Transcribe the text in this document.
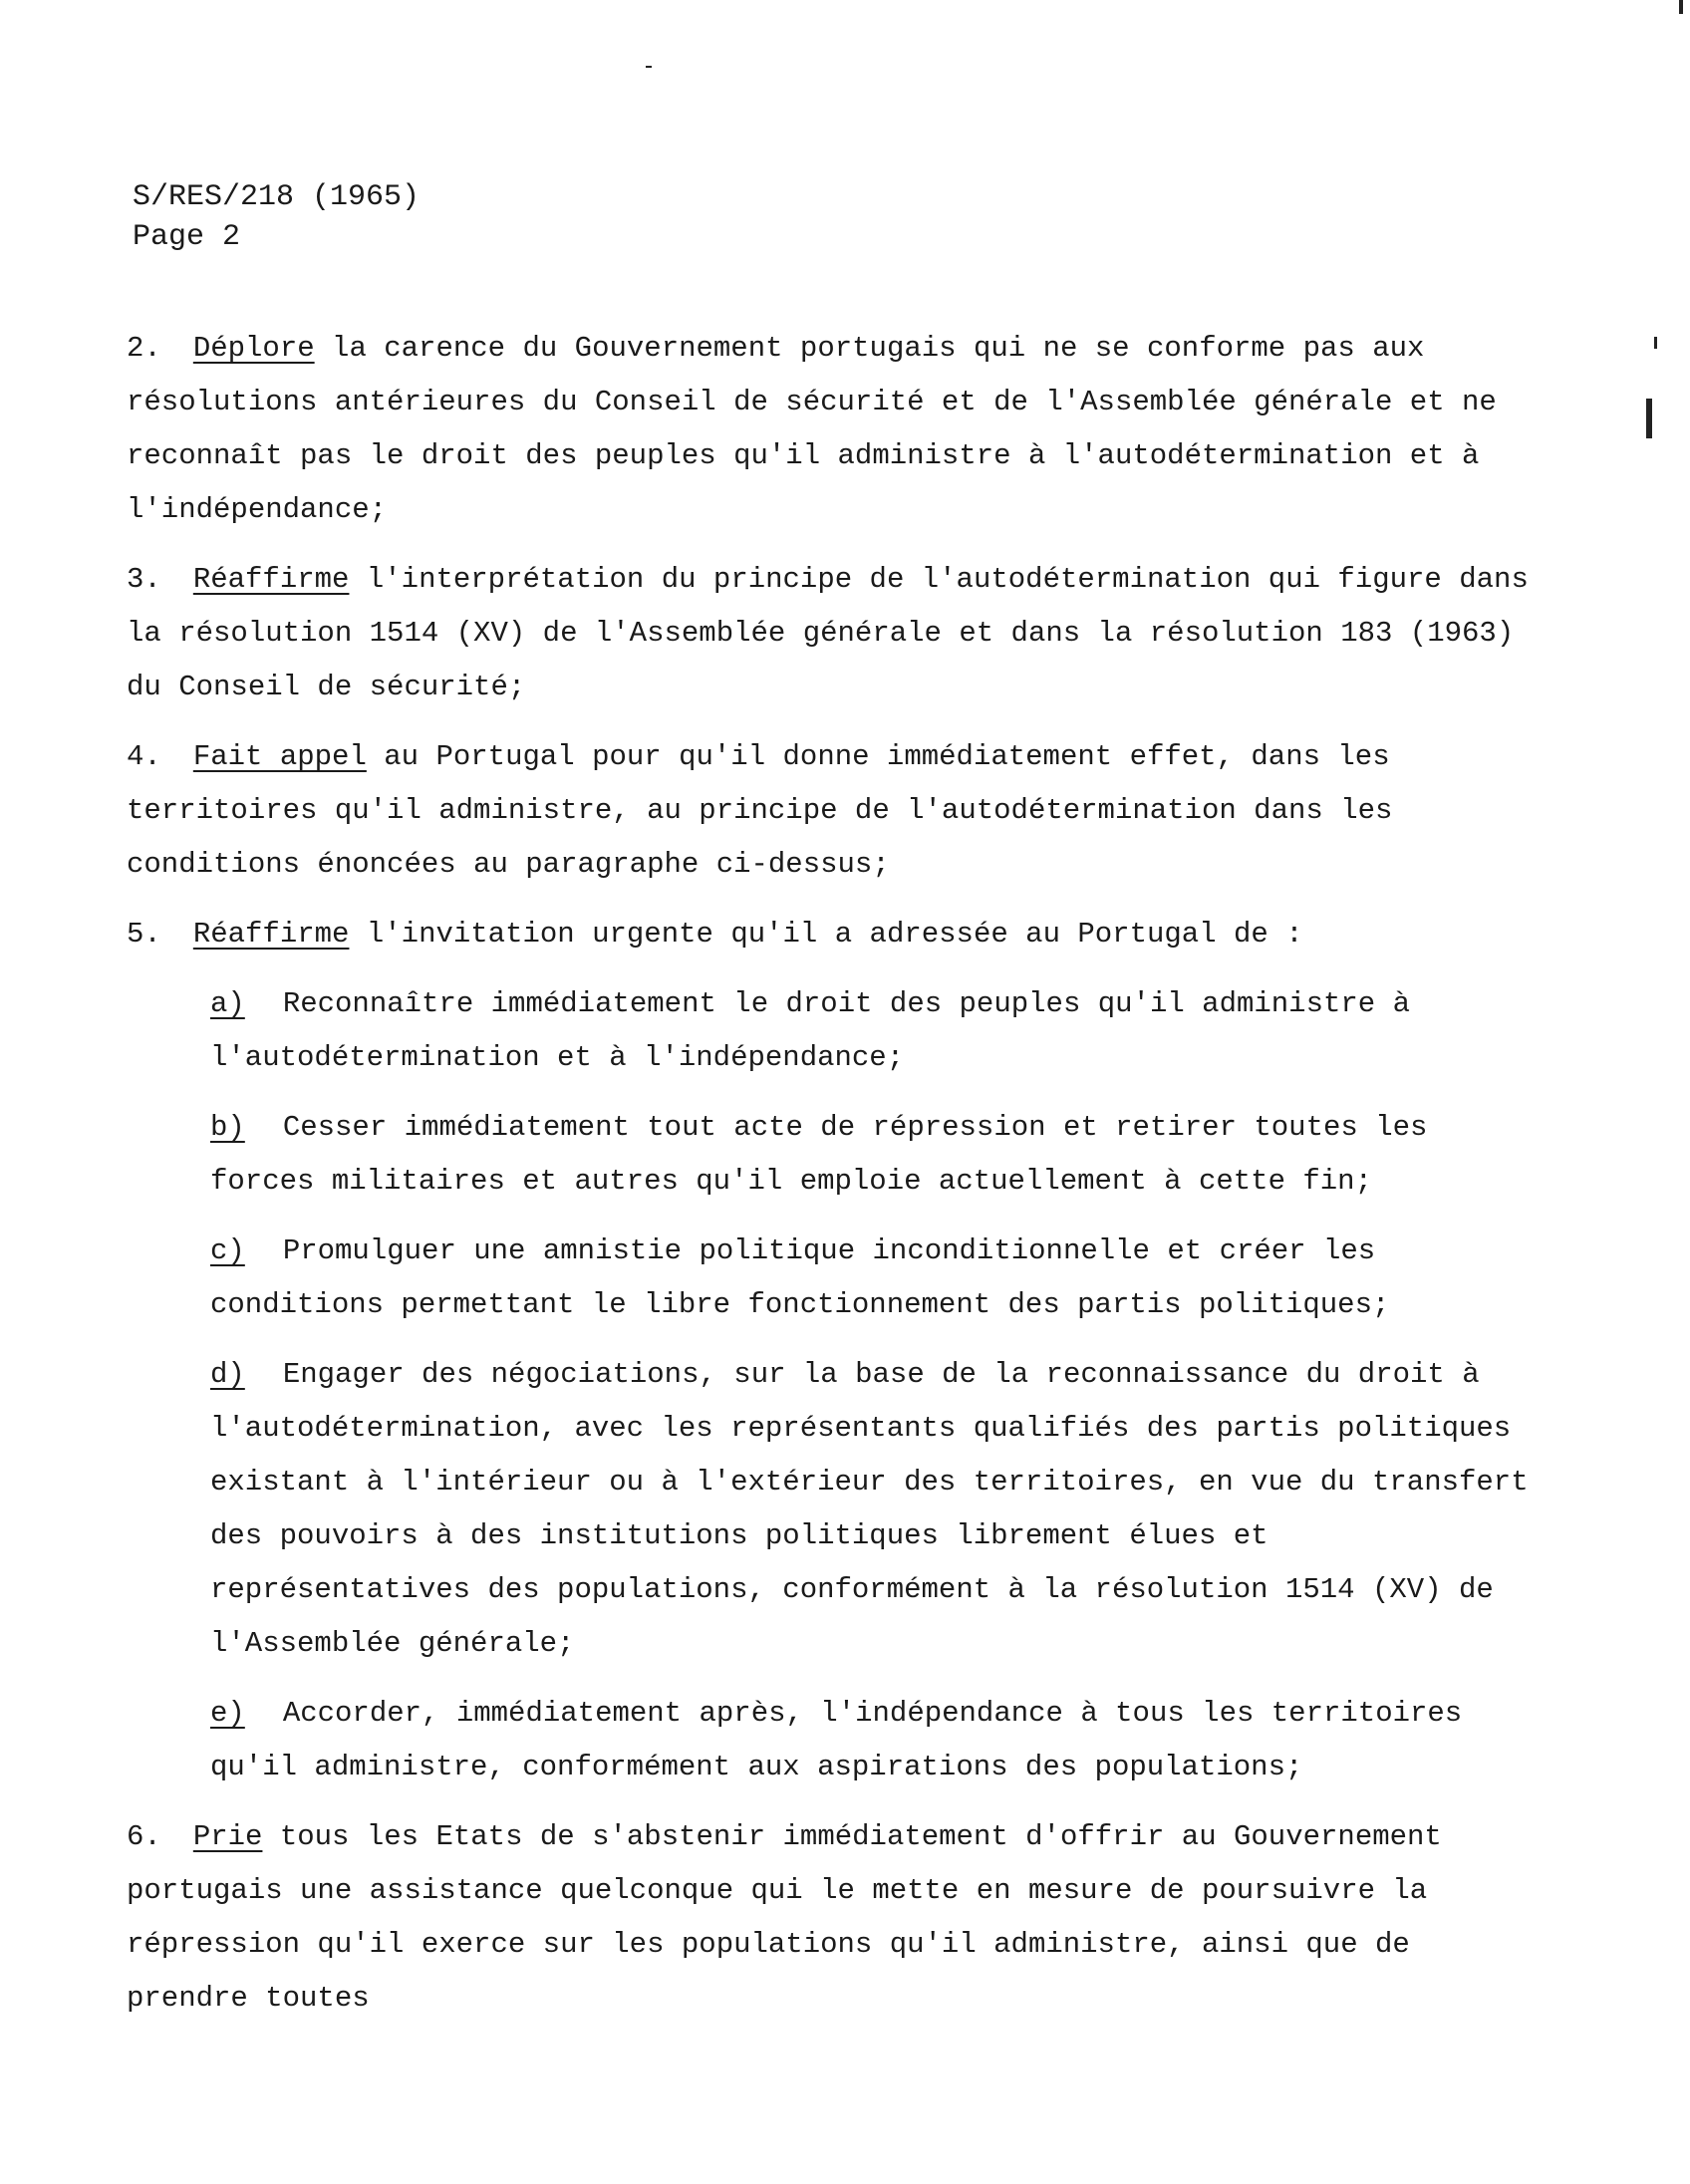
S/RES/218 (1965)
Page 2

2. Déplore la carence du Gouvernement portugais qui ne se conforme pas aux résolutions antérieures du Conseil de sécurité et de l'Assemblée générale et ne reconnaît pas le droit des peuples qu'il administre à l'autodétermination et à l'indépendance;

3. Réaffirme l'interprétation du principe de l'autodétermination qui figure dans la résolution 1514 (XV) de l'Assemblée générale et dans la résolution 183 (1963) du Conseil de sécurité;

4. Fait appel au Portugal pour qu'il donne immédiatement effet, dans les territoires qu'il administre, au principe de l'autodétermination dans les conditions énoncées au paragraphe ci-dessus;

5. Réaffirme l'invitation urgente qu'il a adressée au Portugal de :

a) Reconnaître immédiatement le droit des peuples qu'il administre à l'autodétermination et à l'indépendance;

b) Cesser immédiatement tout acte de répression et retirer toutes les forces militaires et autres qu'il emploie actuellement à cette fin;

c) Promulguer une amnistie politique inconditionnelle et créer les conditions permettant le libre fonctionnement des partis politiques;

d) Engager des négociations, sur la base de la reconnaissance du droit à l'autodétermination, avec les représentants qualifiés des partis politiques existant à l'intérieur ou à l'extérieur des territoires, en vue du transfert des pouvoirs à des institutions politiques librement élues et représentatives des populations, conformément à la résolution 1514 (XV) de l'Assemblée générale;

e) Accorder, immédiatement après, l'indépendance à tous les territoires qu'il administre, conformément aux aspirations des populations;

6. Prie tous les Etats de s'abstenir immédiatement d'offrir au Gouvernement portugais une assistance quelconque qui le mette en mesure de poursuivre la répression qu'il exerce sur les populations qu'il administre, ainsi que de prendre toutes
